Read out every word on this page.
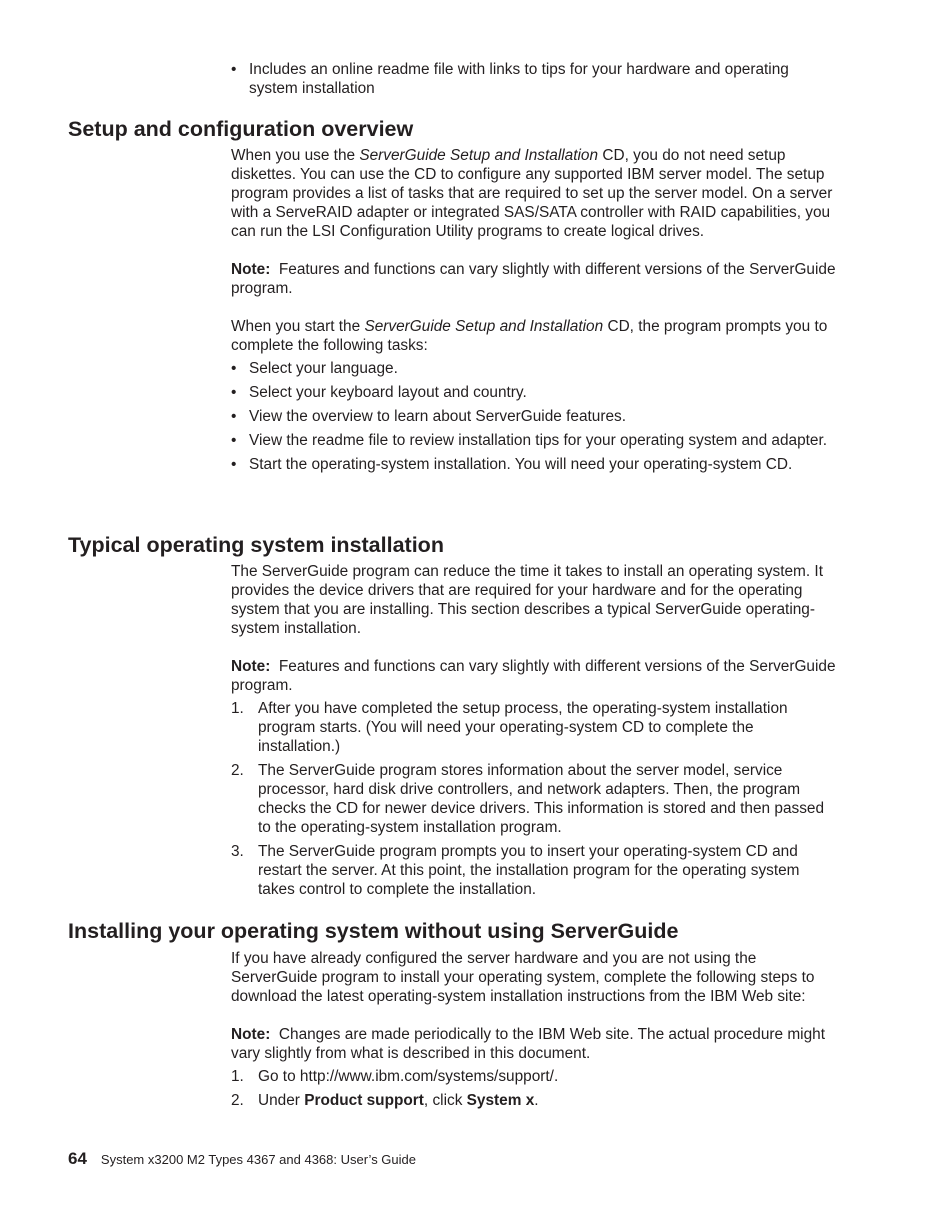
• Includes an online readme file with links to tips for your hardware and operating system installation
Setup and configuration overview

When you use the ServerGuide Setup and Installation CD, you do not need setup diskettes. You can use the CD to configure any supported IBM server model. The setup program provides a list of tasks that are required to set up the server model. On a server with a ServeRAID adapter or integrated SAS/SATA controller with RAID capabilities, you can run the LSI Configuration Utility programs to create logical drives.

Note: Features and functions can vary slightly with different versions of the ServerGuide program.

When you start the ServerGuide Setup and Installation CD, the program prompts you to complete the following tasks:

• Select your language.
• Select your keyboard layout and country.
• View the overview to learn about ServerGuide features.
• View the readme file to review installation tips for your operating system and adapter.
• Start the operating-system installation. You will need your operating-system CD.
Typical operating system installation

The ServerGuide program can reduce the time it takes to install an operating system. It provides the device drivers that are required for your hardware and for the operating system that you are installing. This section describes a typical ServerGuide operating-system installation.

Note: Features and functions can vary slightly with different versions of the ServerGuide program.

1. After you have completed the setup process, the operating-system installation program starts. (You will need your operating-system CD to complete the installation.)
2. The ServerGuide program stores information about the server model, service processor, hard disk drive controllers, and network adapters. Then, the program checks the CD for newer device drivers. This information is stored and then passed to the operating-system installation program.
3. The ServerGuide program prompts you to insert your operating-system CD and restart the server. At this point, the installation program for the operating system takes control to complete the installation.
Installing your operating system without using ServerGuide

If you have already configured the server hardware and you are not using the ServerGuide program to install your operating system, complete the following steps to download the latest operating-system installation instructions from the IBM Web site:

Note: Changes are made periodically to the IBM Web site. The actual procedure might vary slightly from what is described in this document.

1. Go to http://www.ibm.com/systems/support/.
2. Under Product support, click System x.
64 System x3200 M2 Types 4367 and 4368: User’s Guide
